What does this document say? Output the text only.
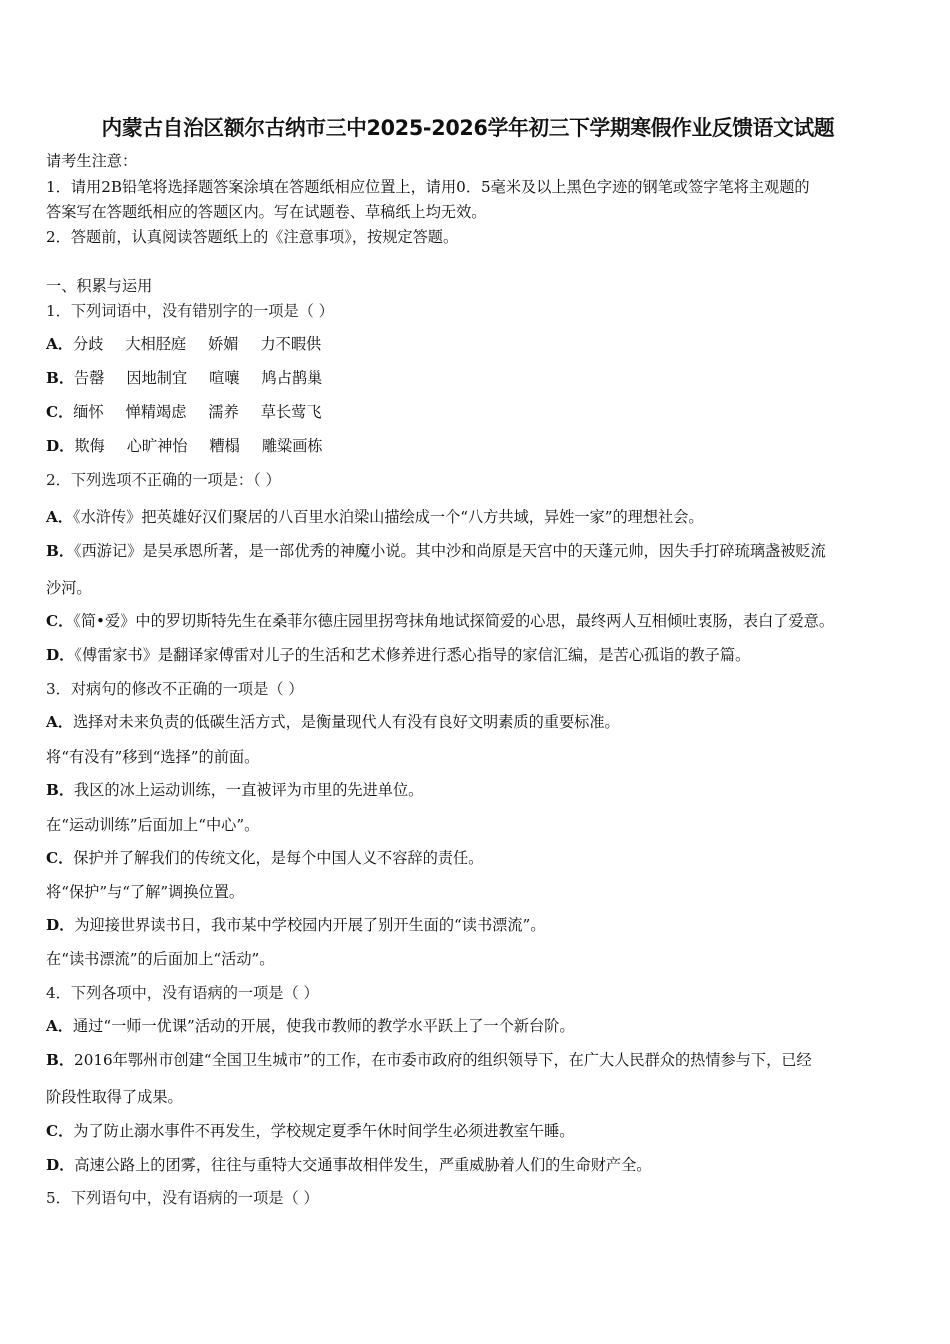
内蒙古自治区额尔古纳市三中2025-2026学年初三下学期寒假作业反馈语文试题
请考生注意：
1．请用2B铅笔将选择题答案涂填在答题纸相应位置上，请用0．5毫米及以上黑色字迹的钢笔或签字笔将主观题的
答案写在答题纸相应的答题区内。写在试题卷、草稿纸上均无效。
2．答题前，认真阅读答题纸上的《注意事项》，按规定答题。
一、积累与运用
1．下列词语中，没有错别字的一项是（ ）
A．分歧 大相胫庭 娇媚 力不暇供
B．告罄 因地制宜 喧嚷 鸠占鹊巢
C．缅怀 惮精竭虑 濡养 草长莺飞
D．欺侮 心旷神怡 糟榻 雕粱画栋
2．下列选项不正确的一项是：（ ）
A．《水浒传》把英雄好汉们聚居的八百里水泊梁山描绘成一个“八方共域，异姓一家”的理想社会。
B．《西游记》是吴承恩所著，是一部优秀的神魔小说。其中沙和尚原是天宫中的天蓬元帅，因失手打碎琉璃盏被贬流
沙河。
C．《简•爱》中的罗切斯特先生在桑菲尔德庄园里拐弯抹角地试探简爱的心思，最终两人互相倾吐衷肠，表白了爱意。
D．《傅雷家书》是翻译家傅雷对儿子的生活和艺术修养进行悉心指导的家信汇编，是苦心孤诣的教子篇。
3．对病句的修改不正确的一项是（ ）
A．选择对未来负责的低碳生活方式，是衡量现代人有没有良好文明素质的重要标准。
将“有没有”移到“选择”的前面。
B．我区的冰上运动训练，一直被评为市里的先进单位。
在“运动训练”后面加上“中心”。
C．保护并了解我们的传统文化，是每个中国人义不容辞的责任。
将“保护”与“了解”调换位置。
D．为迎接世界读书日，我市某中学校园内开展了别开生面的“读书漂流”。
在“读书漂流”的后面加上“活动”。
4．下列各项中，没有语病的一项是（ ）
A．通过“一师一优课”活动的开展，使我市教师的教学水平跃上了一个新台阶。
B．2016年鄂州市创建“全国卫生城市”的工作，在市委市政府的组织领导下，在广大人民群众的热情参与下，已经
阶段性取得了成果。
C．为了防止溺水事件不再发生，学校规定夏季午休时间学生必须进教室午睡。
D．高速公路上的团雾，往往与重特大交通事故相伴发生，严重威胁着人们的生命财产全。
5．下列语句中，没有语病的一项是（ ）
